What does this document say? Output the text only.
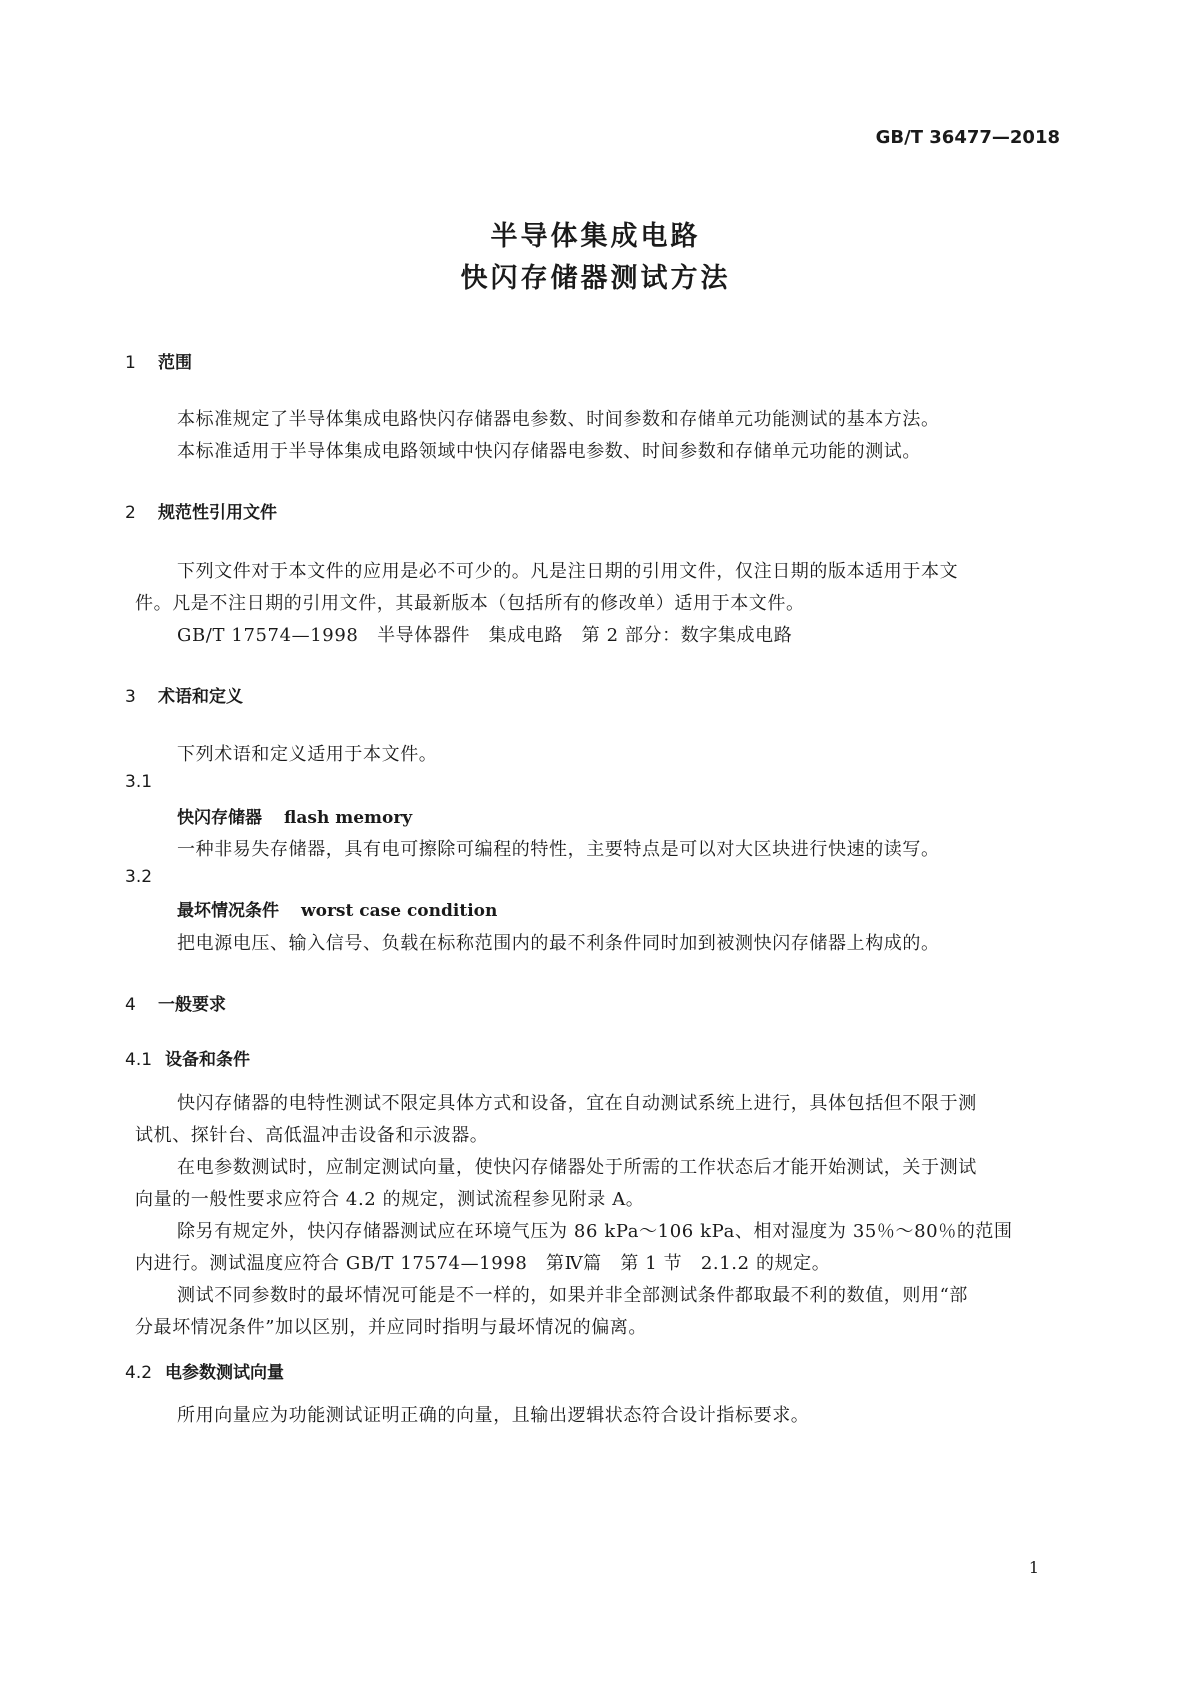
GB/T 36477—2018
半导体集成电路
快闪存储器测试方法
1 范围
本标准规定了半导体集成电路快闪存储器电参数、时间参数和存储单元功能测试的基本方法。
本标准适用于半导体集成电路领域中快闪存储器电参数、时间参数和存储单元功能的测试。
2 规范性引用文件
下列文件对于本文件的应用是必不可少的。凡是注日期的引用文件，仅注日期的版本适用于本文
件。凡是不注日期的引用文件，其最新版本（包括所有的修改单）适用于本文件。
GB/T 17574—1998　半导体器件　集成电路　第 2 部分：数字集成电路
3 术语和定义
下列术语和定义适用于本文件。
3.1
快闪存储器 flash memory
一种非易失存储器，具有电可擦除可编程的特性，主要特点是可以对大区块进行快速的读写。
3.2
最坏情况条件 worst case condition
把电源电压、输入信号、负载在标称范围内的最不利条件同时加到被测快闪存储器上构成的。
4 一般要求
4.1 设备和条件
快闪存储器的电特性测试不限定具体方式和设备，宜在自动测试系统上进行，具体包括但不限于测
试机、探针台、高低温冲击设备和示波器。
在电参数测试时，应制定测试向量，使快闪存储器处于所需的工作状态后才能开始测试，关于测试
向量的一般性要求应符合 4.2 的规定，测试流程参见附录 A。
除另有规定外，快闪存储器测试应在环境气压为 86 kPa～106 kPa、相对湿度为 35％～80％的范围
内进行。测试温度应符合 GB/T 17574—1998　第Ⅳ篇　第 1 节　2.1.2 的规定。
测试不同参数时的最坏情况可能是不一样的，如果并非全部测试条件都取最不利的数值，则用“部
分最坏情况条件”加以区别，并应同时指明与最坏情况的偏离。
4.2 电参数测试向量
所用向量应为功能测试证明正确的向量，且输出逻辑状态符合设计指标要求。
1
